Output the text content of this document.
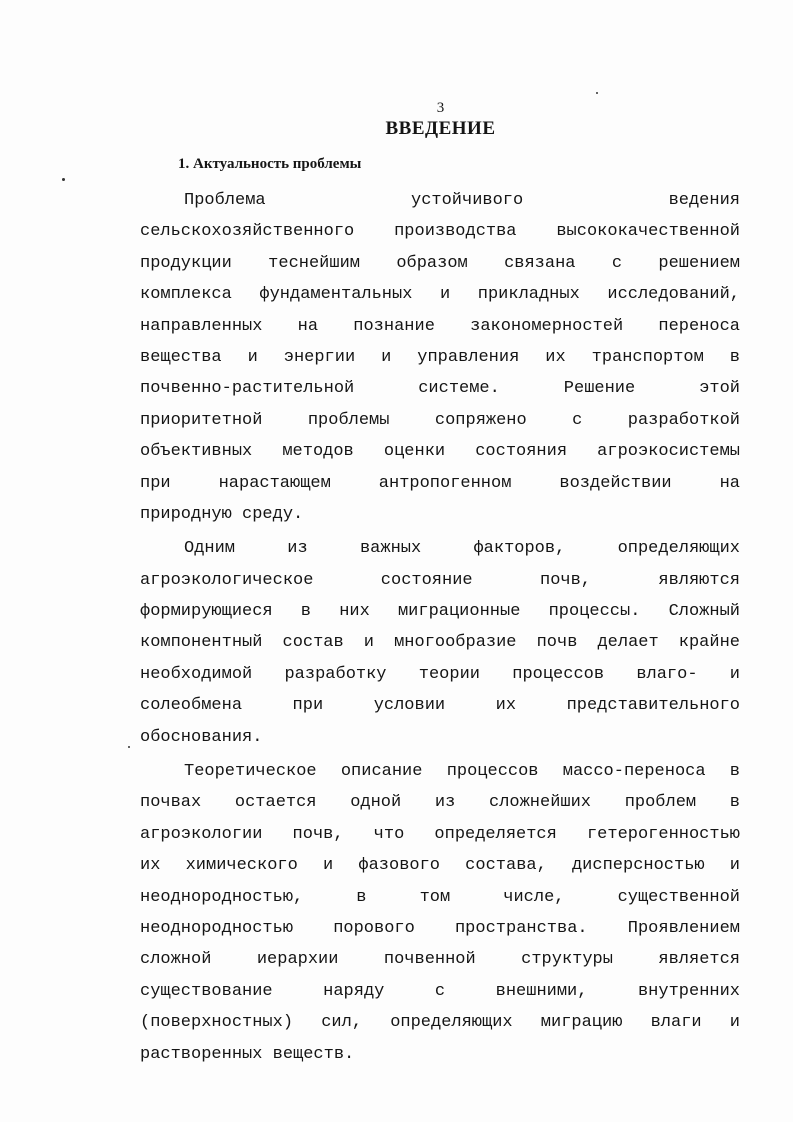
3
ВВЕДЕНИЕ
1. Актуальность проблемы
Проблема устойчивого ведения
сельскохозяйственного производства высококачественной
продукции теснейшим образом связана с решением
комплекса фундаментальных и прикладных исследований,
направленных на познание закономерностей переноса
вещества и энергии и управления их транспортом в
почвенно-растительной системе. Решение этой
приоритетной проблемы сопряжено с разработкой
объективных методов оценки состояния агроэкосистемы
при нарастающем антропогенном воздействии на
природную среду.
Одним из важных факторов, определяющих
агроэкологическое состояние почв, являются
формирующиеся в них миграционные процессы. Сложный
компонентный состав и многообразие почв делает крайне
необходимой разработку теории процессов влаго- и
солеобмена при условии их представительного
обоснования.
Теоретическое описание процессов массо-переноса в
почвах остается одной из сложнейших проблем в
агроэкологии почв, что определяется гетерогенностью
их химического и фазового состава, дисперсностью и
неоднородностью, в том числе, существенной
неоднородностью порового пространства. Проявлением
сложной иерархии почвенной структуры является
существование наряду с внешними, внутренних
(поверхностных) сил, определяющих миграцию влаги и
растворенных веществ.
